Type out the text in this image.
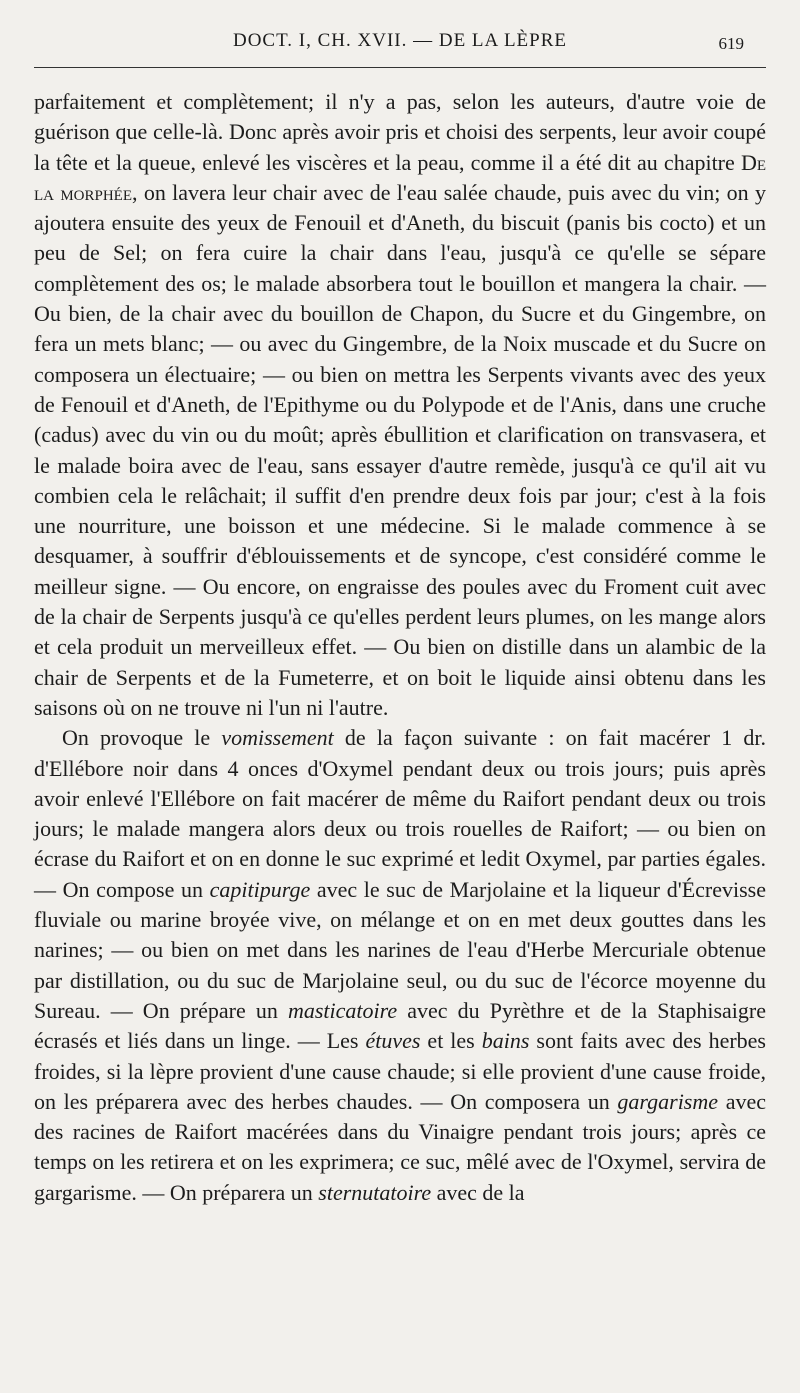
DOCT. I, CH. XVII. — DE LA LÈPRE	619

parfaitement et complètement; il n'y a pas, selon les auteurs, d'autre voie de guérison que celle-là. Donc après avoir pris et choisi des serpents, leur avoir coupé la tête et la queue, enlevé les viscères et la peau, comme il a été dit au chapitre De la morphée, on lavera leur chair avec de l'eau salée chaude, puis avec du vin; on y ajoutera ensuite des yeux de Fenouil et d'Aneth, du biscuit (panis bis cocto) et un peu de Sel; on fera cuire la chair dans l'eau, jusqu'à ce qu'elle se sépare complètement des os; le malade absorbera tout le bouillon et mangera la chair. — Ou bien, de la chair avec du bouillon de Chapon, du Sucre et du Gingembre, on fera un mets blanc; — ou avec du Gingembre, de la Noix muscade et du Sucre on composera un électuaire; — ou bien on mettra les Serpents vivants avec des yeux de Fenouil et d'Aneth, de l'Epithyme ou du Polypode et de l'Anis, dans une cruche (cadus) avec du vin ou du moût; après ébullition et clarification on transvasera, et le malade boira avec de l'eau, sans essayer d'autre remède, jusqu'à ce qu'il ait vu combien cela le relâchait; il suffit d'en prendre deux fois par jour; c'est à la fois une nourriture, une boisson et une médecine. Si le malade commence à se desquamer, à souffrir d'éblouissements et de syncope, c'est considéré comme le meilleur signe. — Ou encore, on engraisse des poules avec du Froment cuit avec de la chair de Serpents jusqu'à ce qu'elles perdent leurs plumes, on les mange alors et cela produit un merveilleux effet. — Ou bien on distille dans un alambic de la chair de Serpents et de la Fumeterre, et on boit le liquide ainsi obtenu dans les saisons où on ne trouve ni l'un ni l'autre.

On provoque le vomissement de la façon suivante : on fait macérer 1 dr. d'Ellébore noir dans 4 onces d'Oxymel pendant deux ou trois jours; puis après avoir enlevé l'Ellébore on fait macérer de même du Raifort pendant deux ou trois jours; le malade mangera alors deux ou trois rouelles de Raifort; — ou bien on écrase du Raifort et on en donne le suc exprimé et ledit Oxymel, par parties égales. — On compose un capitipurge avec le suc de Marjolaine et la liqueur d'Écrevisse fluviale ou marine broyée vive, on mélange et on en met deux gouttes dans les narines; — ou bien on met dans les narines de l'eau d'Herbe Mercuriale obtenue par distillation, ou du suc de Marjolaine seul, ou du suc de l'écorce moyenne du Sureau. — On prépare un masticatoire avec du Pyrèthre et de la Staphisaigre écrasés et liés dans un linge. — Les étuves et les bains sont faits avec des herbes froides, si la lèpre provient d'une cause chaude; si elle provient d'une cause froide, on les préparera avec des herbes chaudes. — On composera un gargarisme avec des racines de Raifort macérées dans du Vinaigre pendant trois jours; après ce temps on les retirera et on les exprimera; ce suc, mêlé avec de l'Oxymel, servira de gargarisme. — On préparera un sternutatoire avec de la
